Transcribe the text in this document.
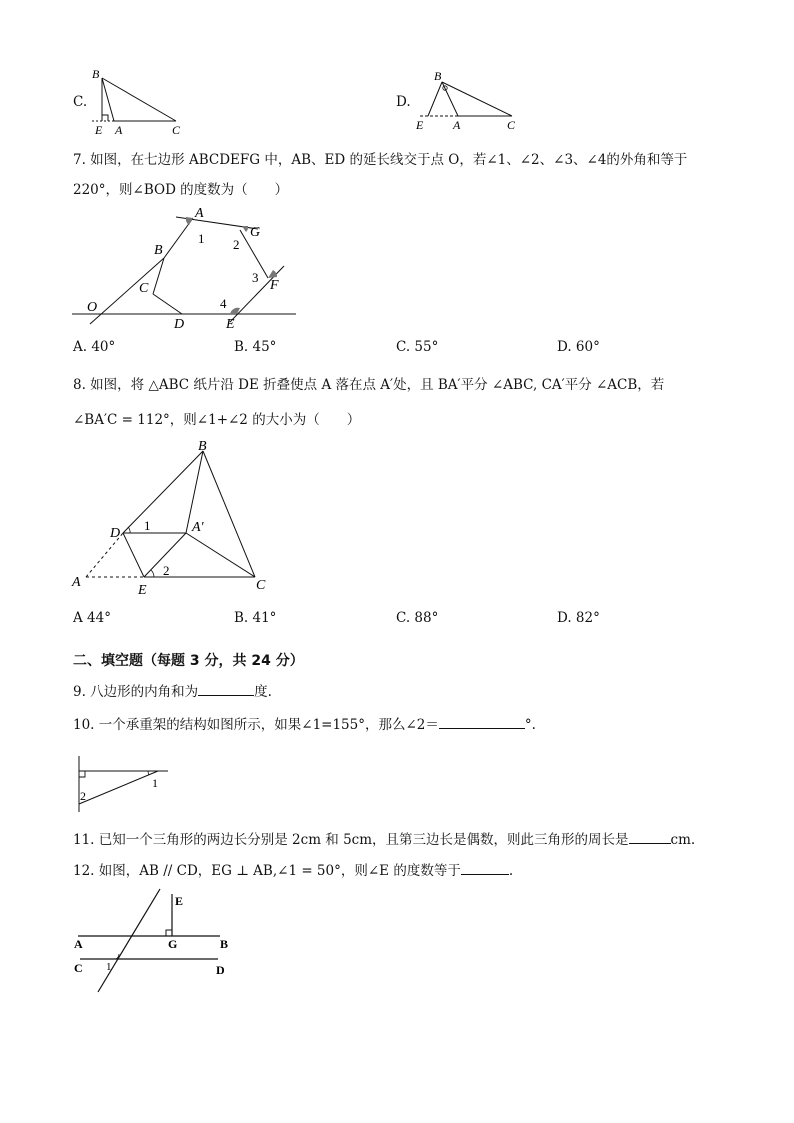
C.
B
E A	C
D.
B
E A	C
7. 如图，在七边形 ABCDEFG 中，AB、ED 的延长线交于点 O，若∠1、∠2、∠3、∠4的外角和等于
220°，则∠BOD 的度数为（　　）
A
B
C
D	E
F
G
O
1 2
3
4
A. 40°	B. 45°	C. 55°	D. 60°
8. 如图，将 △ABC 纸片沿 DE 折叠使点 A 落在点 A′处，且 BA′平分 ∠ABC, CA′平分 ∠ACB，若
∠BA′C = 112°，则∠1+∠2 的大小为（　　）
B
D	A′
A
E	C
1
2
A 44°	B. 41°	C. 88°	D. 82°
二、填空题（每题 3 分，共 24 分）
9. 八边形的内角和为	度.
10. 一个承重架的结构如图所示，如果∠1=155°，那么∠2＝	°.
1
2
11. 已知一个三角形的两边长分别是 2cm 和 5cm，且第三边长是偶数，则此三角形的周长是	cm.
12. 如图，AB // CD，EG ⊥ AB,∠1 = 50°，则∠E 的度数等于	.
A	B
C	D
E
G
1
